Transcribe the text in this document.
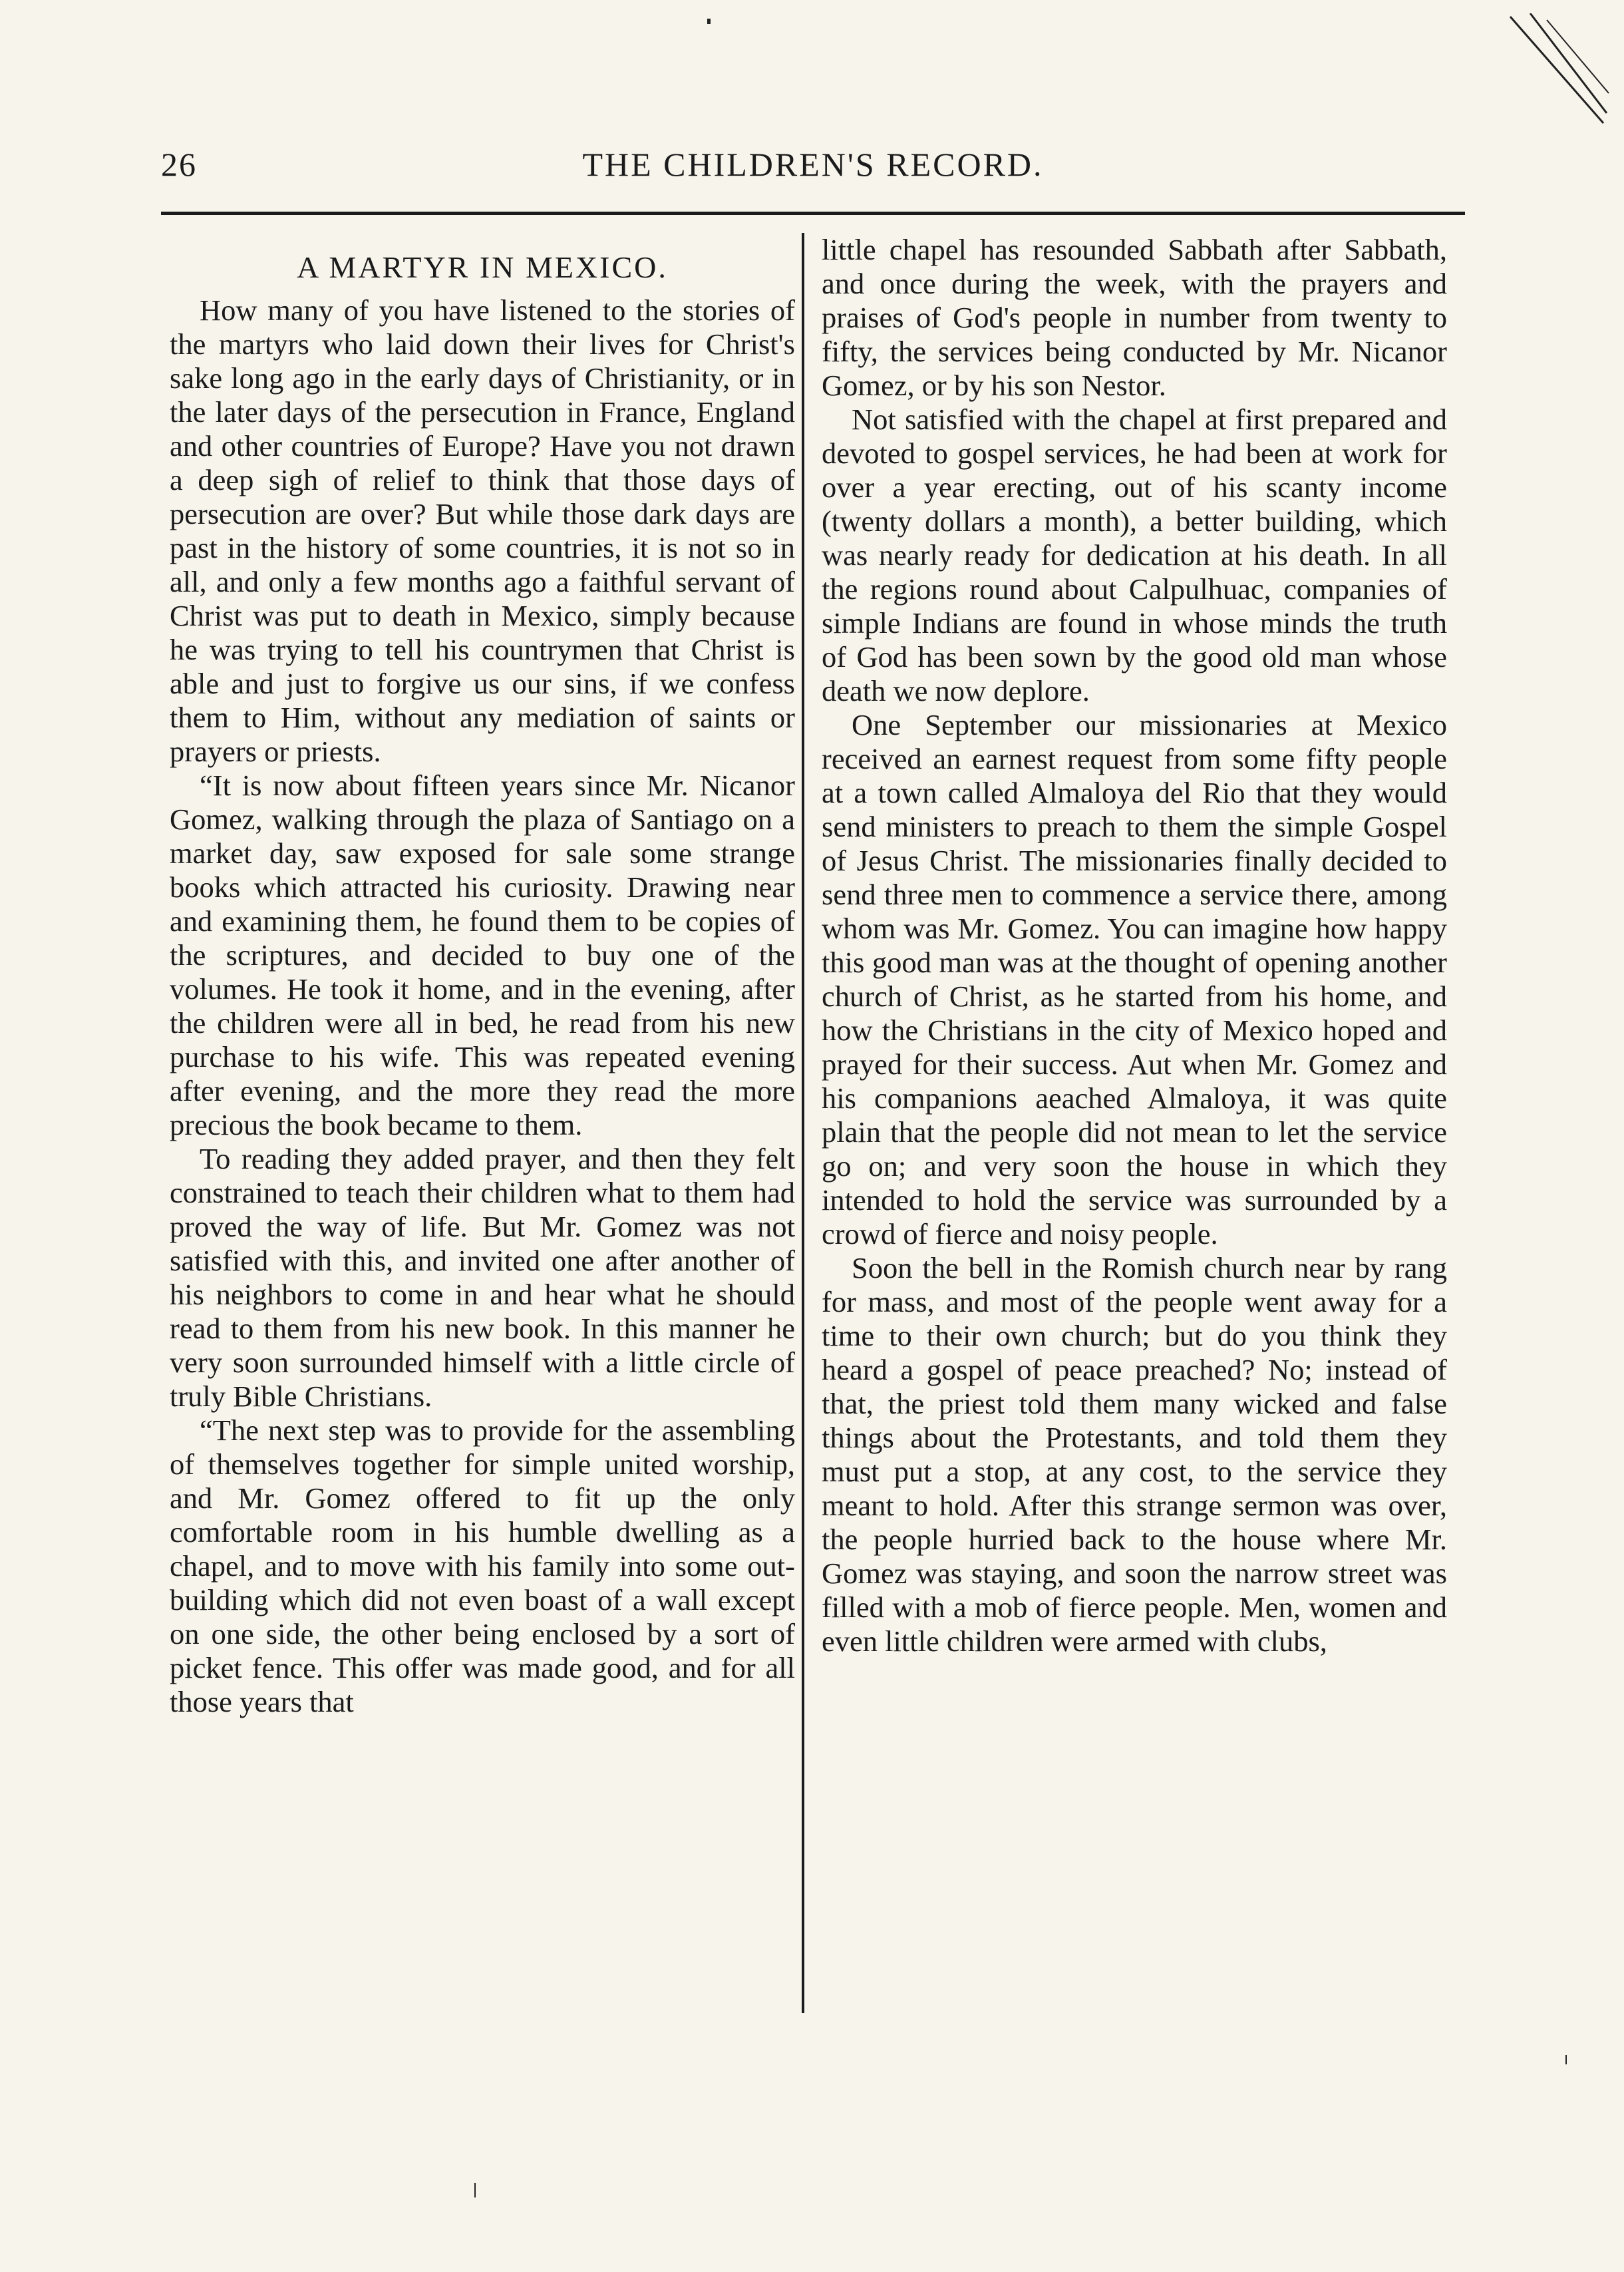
26	THE CHILDREN'S RECORD.
A MARTYR IN MEXICO.

How many of you have listened to the stories of the martyrs who laid down their lives for Christ's sake long ago in the early days of Christianity, or in the later days of the persecution in France, England and other countries of Europe? Have you not drawn a deep sigh of relief to think that those days of persecution are over? But while those dark days are past in the history of some countries, it is not so in all, and only a few months ago a faithful servant of Christ was put to death in Mexico, simply because he was trying to tell his countrymen that Christ is able and just to forgive us our sins, if we confess them to Him, without any mediation of saints or prayers or priests.

“It is now about fifteen years since Mr. Nicanor Gomez, walking through the plaza of Santiago on a market day, saw exposed for sale some strange books which attracted his curiosity. Drawing near and examining them, he found them to be copies of the scriptures, and decided to buy one of the volumes. He took it home, and in the evening, after the children were all in bed, he read from his new purchase to his wife. This was repeated evening after evening, and the more they read the more precious the book became to them.

To reading they added prayer, and then they felt constrained to teach their children what to them had proved the way of life. But Mr. Gomez was not satisfied with this, and invited one after another of his neighbors to come in and hear what he should read to them from his new book. In this manner he very soon surrounded himself with a little circle of truly Bible Christians.

“The next step was to provide for the assembling of themselves together for simple united worship, and Mr. Gomez offered to fit up the only comfortable room in his humble dwelling as a chapel, and to move with his family into some out-building which did not even boast of a wall except on one side, the other being enclosed by a sort of picket fence. This offer was made good, and for all those years that

little chapel has resounded Sabbath after Sabbath, and once during the week, with the prayers and praises of God's people in number from twenty to fifty, the services being conducted by Mr. Nicanor Gomez, or by his son Nestor.

Not satisfied with the chapel at first prepared and devoted to gospel services, he had been at work for over a year erecting, out of his scanty income (twenty dollars a month), a better building, which was nearly ready for dedication at his death. In all the regions round about Calpulhuac, companies of simple Indians are found in whose minds the truth of God has been sown by the good old man whose death we now deplore.

One September our missionaries at Mexico received an earnest request from some fifty people at a town called Almaloya del Rio that they would send ministers to preach to them the simple Gospel of Jesus Christ. The missionaries finally decided to send three men to commence a service there, among whom was Mr. Gomez. You can imagine how happy this good man was at the thought of opening another church of Christ, as he started from his home, and how the Christians in the city of Mexico hoped and prayed for their success. Aut when Mr. Gomez and his companions aeached Almaloya, it was quite plain that the people did not mean to let the service go on; and very soon the house in which they intended to hold the service was surrounded by a crowd of fierce and noisy people.

Soon the bell in the Romish church near by rang for mass, and most of the people went away for a time to their own church; but do you think they heard a gospel of peace preached? No; instead of that, the priest told them many wicked and false things about the Protestants, and told them they must put a stop, at any cost, to the service they meant to hold. After this strange sermon was over, the people hurried back to the house where Mr. Gomez was staying, and soon the narrow street was filled with a mob of fierce people. Men, women and even little children were armed with clubs,
